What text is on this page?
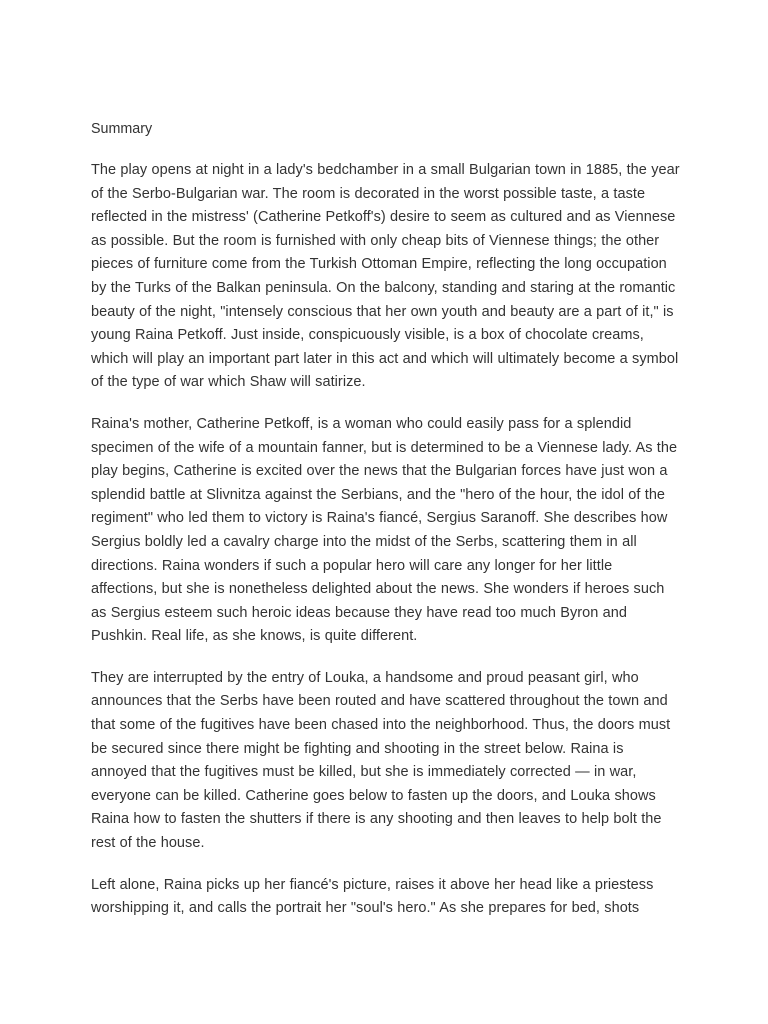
Summary

The play opens at night in a lady's bedchamber in a small Bulgarian town in 1885, the year of the Serbo-Bulgarian war. The room is decorated in the worst possible taste, a taste reflected in the mistress' (Catherine Petkoff's) desire to seem as cultured and as Viennese as possible. But the room is furnished with only cheap bits of Viennese things; the other pieces of furniture come from the Turkish Ottoman Empire, reflecting the long occupation by the Turks of the Balkan peninsula. On the balcony, standing and staring at the romantic beauty of the night, "intensely conscious that her own youth and beauty are a part of it," is young Raina Petkoff. Just inside, conspicuously visible, is a box of chocolate creams, which will play an important part later in this act and which will ultimately become a symbol of the type of war which Shaw will satirize.

Raina's mother, Catherine Petkoff, is a woman who could easily pass for a splendid specimen of the wife of a mountain fanner, but is determined to be a Viennese lady. As the play begins, Catherine is excited over the news that the Bulgarian forces have just won a splendid battle at Slivnitza against the Serbians, and the "hero of the hour, the idol of the regiment" who led them to victory is Raina's fiancé, Sergius Saranoff. She describes how Sergius boldly led a cavalry charge into the midst of the Serbs, scattering them in all directions. Raina wonders if such a popular hero will care any longer for her little affections, but she is nonetheless delighted about the news. She wonders if heroes such as Sergius esteem such heroic ideas because they have read too much Byron and Pushkin. Real life, as she knows, is quite different.

They are interrupted by the entry of Louka, a handsome and proud peasant girl, who announces that the Serbs have been routed and have scattered throughout the town and that some of the fugitives have been chased into the neighborhood. Thus, the doors must be secured since there might be fighting and shooting in the street below. Raina is annoyed that the fugitives must be killed, but she is immediately corrected — in war, everyone can be killed. Catherine goes below to fasten up the doors, and Louka shows Raina how to fasten the shutters if there is any shooting and then leaves to help bolt the rest of the house.

Left alone, Raina picks up her fiancé's picture, raises it above her head like a priestess worshipping it, and calls the portrait her "soul's hero." As she prepares for bed, shots
